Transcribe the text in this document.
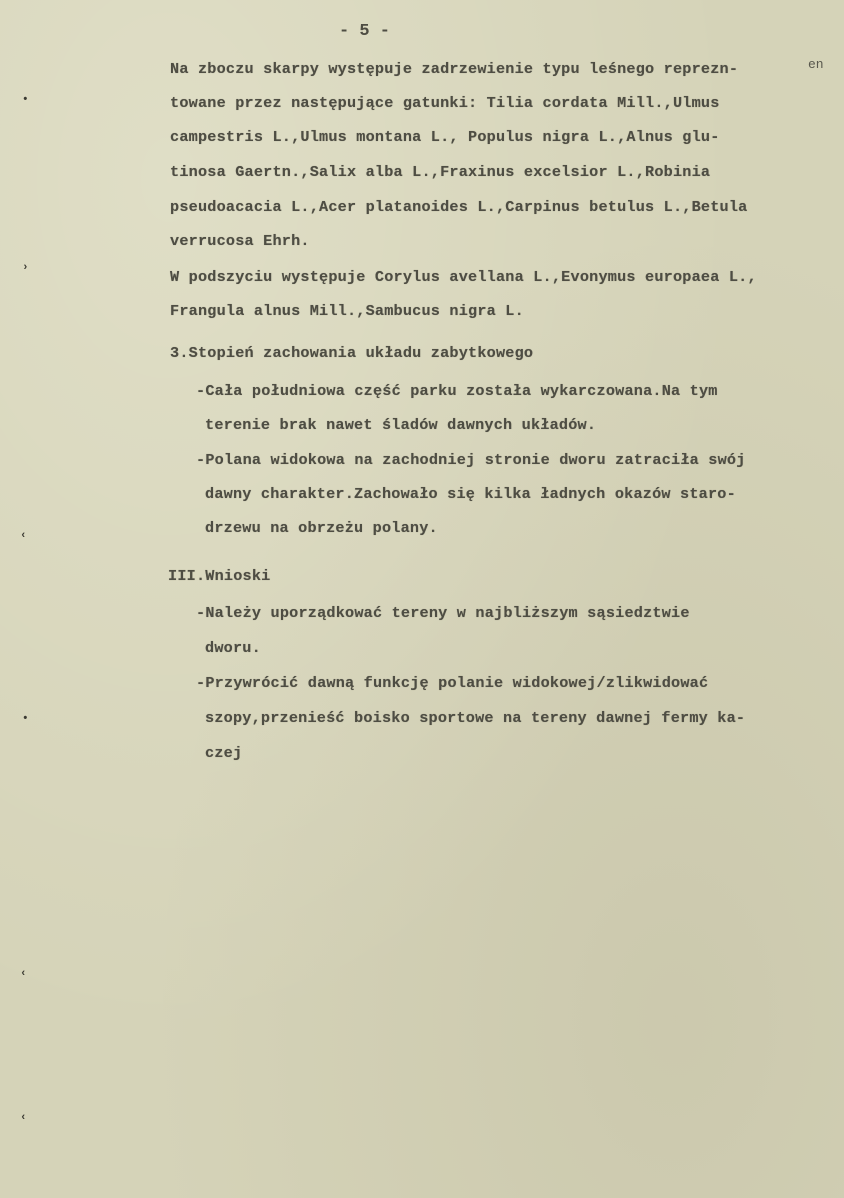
- 5 -
en
Na zboczu skarpy występuje zadrzewienie typu leśnego reprezn-
towane przez następujące gatunki: Tilia cordata Mill.,Ulmus
campestris L.,Ulmus montana L., Populus nigra L.,Alnus glu-
tinosa Gaertn.,Salix alba L.,Fraxinus excelsior L.,Robinia
pseudoacacia L.,Acer platanoides L.,Carpinus betulus L.,Betula
verrucosa Ehrh.
W podszyciu występuje Corylus avellana L.,Evonymus europaea L.,
Frangula alnus Mill.,Sambucus nigra L.
3.Stopień zachowania układu zabytkowego
-Cała południowa część parku została wykarczowana.Na tym
terenie brak nawet śladów dawnych układów.
-Polana widokowa na zachodniej stronie dworu zatraciła swój
dawny charakter.Zachowało się kilka ładnych okazów staro-
drzewu na obrzeżu polany.
III.Wnioski
-Należy uporządkować tereny w najbliższym sąsiedztwie
dworu.
-Przywrócić dawną funkcję polanie widokowej/zlikwidować
szopy,przenieść boisko sportowe na tereny dawnej fermy ka-
czej
•
›
‹
•
‹
‹
